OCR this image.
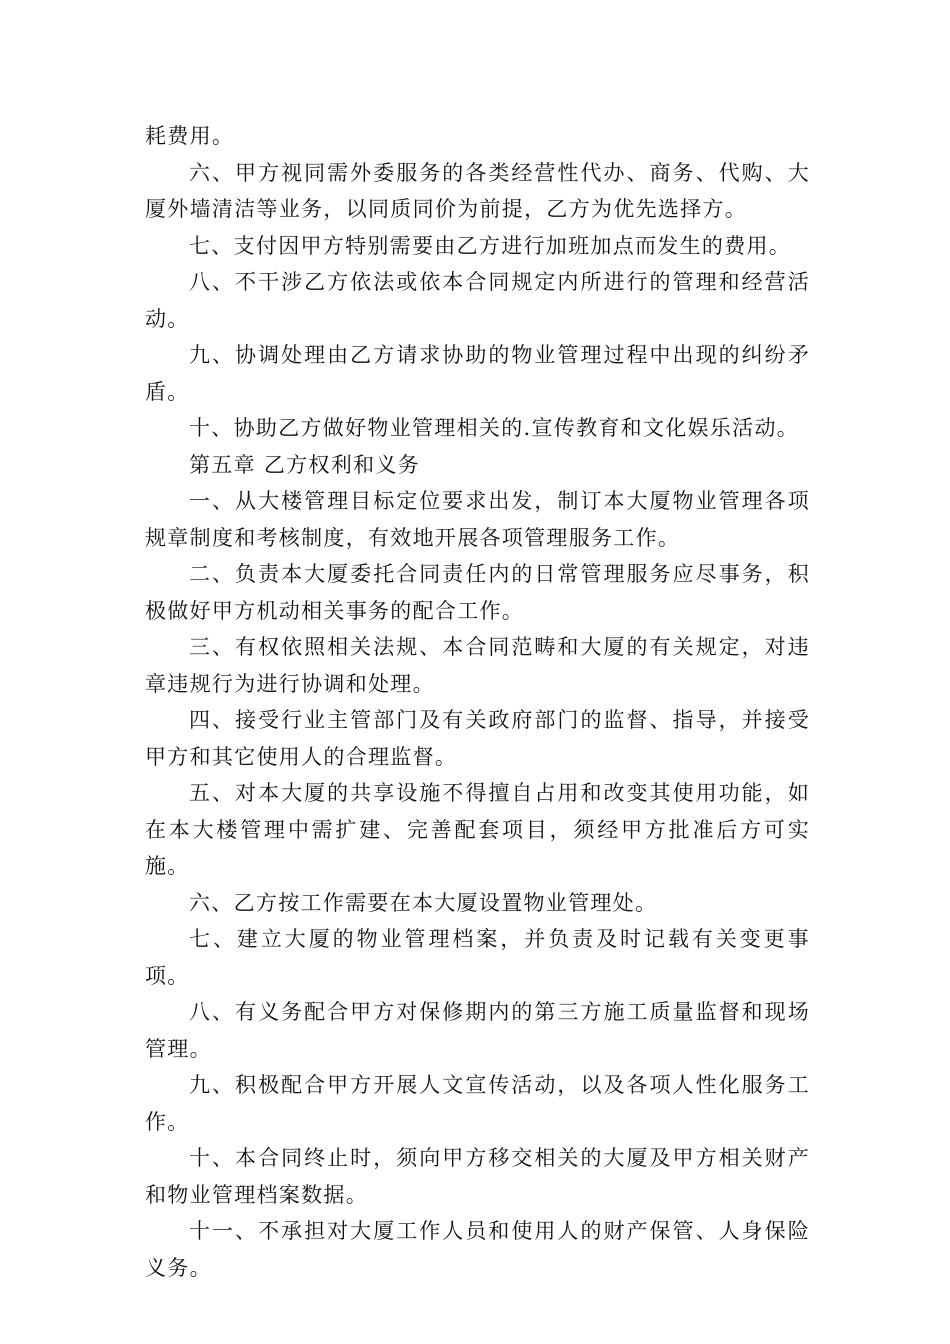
耗费用。

六、甲方视同需外委服务的各类经营性代办、商务、代购、大厦外墙清洁等业务，以同质同价为前提，乙方为优先选择方。

七、支付因甲方特别需要由乙方进行加班加点而发生的费用。

八、不干涉乙方依法或依本合同规定内所进行的管理和经营活动。

九、协调处理由乙方请求协助的物业管理过程中出现的纠纷矛盾。

十、协助乙方做好物业管理相关的.宣传教育和文化娱乐活动。

第五章 乙方权利和义务

一、从大楼管理目标定位要求出发，制订本大厦物业管理各项规章制度和考核制度，有效地开展各项管理服务工作。

二、负责本大厦委托合同责任内的日常管理服务应尽事务，积极做好甲方机动相关事务的配合工作。

三、有权依照相关法规、本合同范畴和大厦的有关规定，对违章违规行为进行协调和处理。

四、接受行业主管部门及有关政府部门的监督、指导，并接受甲方和其它使用人的合理监督。

五、对本大厦的共享设施不得擅自占用和改变其使用功能，如在本大楼管理中需扩建、完善配套项目，须经甲方批准后方可实施。

六、乙方按工作需要在本大厦设置物业管理处。

七、建立大厦的物业管理档案，并负责及时记载有关变更事项。

八、有义务配合甲方对保修期内的第三方施工质量监督和现场管理。

九、积极配合甲方开展人文宣传活动，以及各项人性化服务工作。

十、本合同终止时，须向甲方移交相关的大厦及甲方相关财产和物业管理档案数据。

十一、不承担对大厦工作人员和使用人的财产保管、人身保险义务。
